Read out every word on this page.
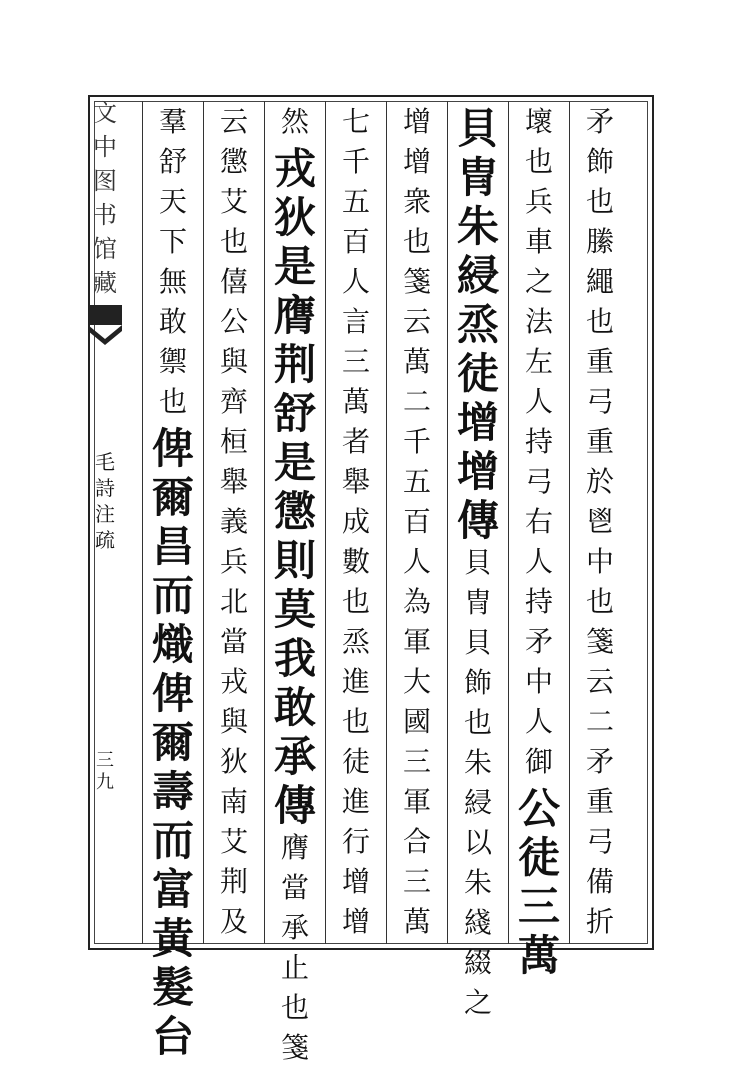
文
中
图
书
馆
藏
毛
詩
注
疏
三
九
矛
飾
也
縢
繩
也
重
弓
重
於
鬯
中
也
箋
云
二
矛
重
弓
備
折
壞
也
兵
車
之
法
左
人
持
弓
右
人
持
矛
中
人
御
公
徒
三
萬
貝
冑
朱
綅
烝
徒
增
增
傳
貝
冑
貝
飾
也
朱
綅
以
朱
綫
綴
之
增
增
衆
也
箋
云
萬
二
千
五
百
人
為
軍
大
國
三
軍
合
三
萬
七
千
五
百
人
言
三
萬
者
舉
成
數
也
烝
進
也
徒
進
行
增
增
然
戎
狄
是
膺
荆
舒
是
懲
則
莫
我
敢
承
傳
膺
當
承
止
也
箋
云
懲
艾
也
僖
公
與
齊
桓
舉
義
兵
北
當
戎
與
狄
南
艾
荆
及
羣
舒
天
下
無
敢
禦
也
俾
爾
昌
而
熾
俾
爾
壽
而
富
黃
髮
台
